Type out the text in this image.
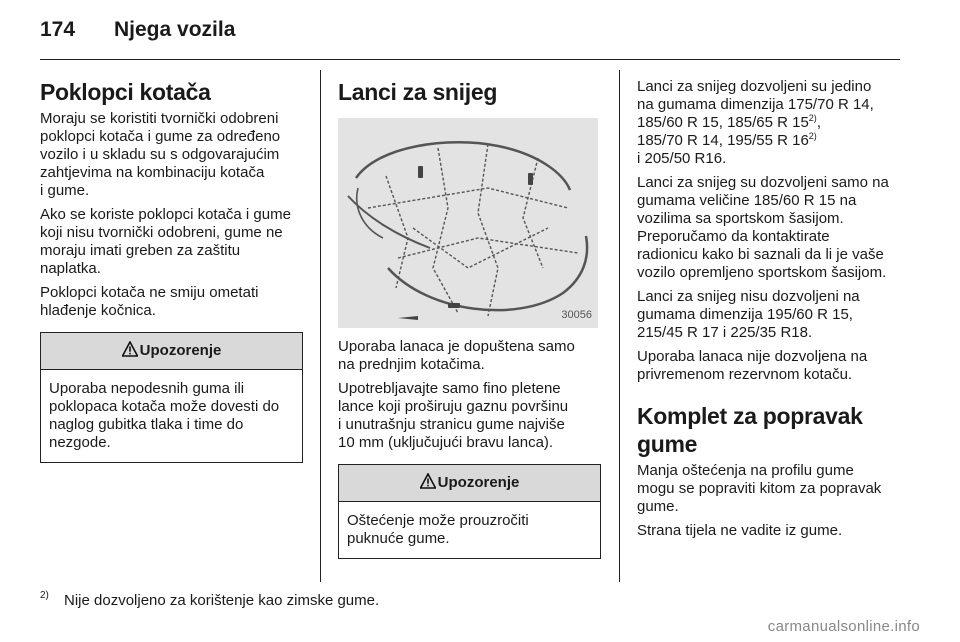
174 Njega vozila
Poklopci kotača

Moraju se koristiti tvornički odobreni
poklopci kotača i gume za određeno
vozilo i u skladu su s odgovarajućim
zahtjevima na kombinaciju kotača
i gume.

Ako se koriste poklopci kotača i gume
koji nisu tvornički odobreni, gume ne
moraju imati greben za zaštitu
naplatka.

Poklopci kotača ne smiju ometati
hlađenje kočnica.

Upozorenje
Uporaba nepodesnih guma ili
poklopaca kotača može dovesti do
naglog gubitka tlaka i time do
nezgode.
Lanci za snijeg
30056

Uporaba lanaca je dopuštena samo
na prednjim kotačima.

Upotrebljavajte samo fino pletene
lance koji proširuju gaznu površinu
i unutrašnju stranicu gume najviše
10 mm (uključujući bravu lanca).

Upozorenje
Oštećenje može prouzročiti
puknuće gume.

Lanci za snijeg dozvoljeni su jedino
na gumama dimenzija 175/70 R 14,
185/60 R 15, 185/65 R 15$^{2)}$,
185/70 R 14, 195/55 R 16$^{2)}$
i 205/50 R16.

Lanci za snijeg su dozvoljeni samo na
gumama veličine 185/60 R 15 na
vozilima sa sportskom šasijom.
Preporučamo da kontaktirate
radionicu kako bi saznali da li je vaše
vozilo opremljeno sportskom šasijom.

Lanci za snijeg nisu dozvoljeni na
gumama dimenzija 195/60 R 15,
215/45 R 17 i 225/35 R18.

Uporaba lanaca nije dozvoljena na
privremenom rezervnom kotaču.

Komplet za popravak
gume

Manja oštećenja na profilu gume
mogu se popraviti kitom za popravak
gume.

Strana tijela ne vadite iz gume.

2) Nije dozvoljeno za korištenje kao zimske gume.
carmanualsonline.info
